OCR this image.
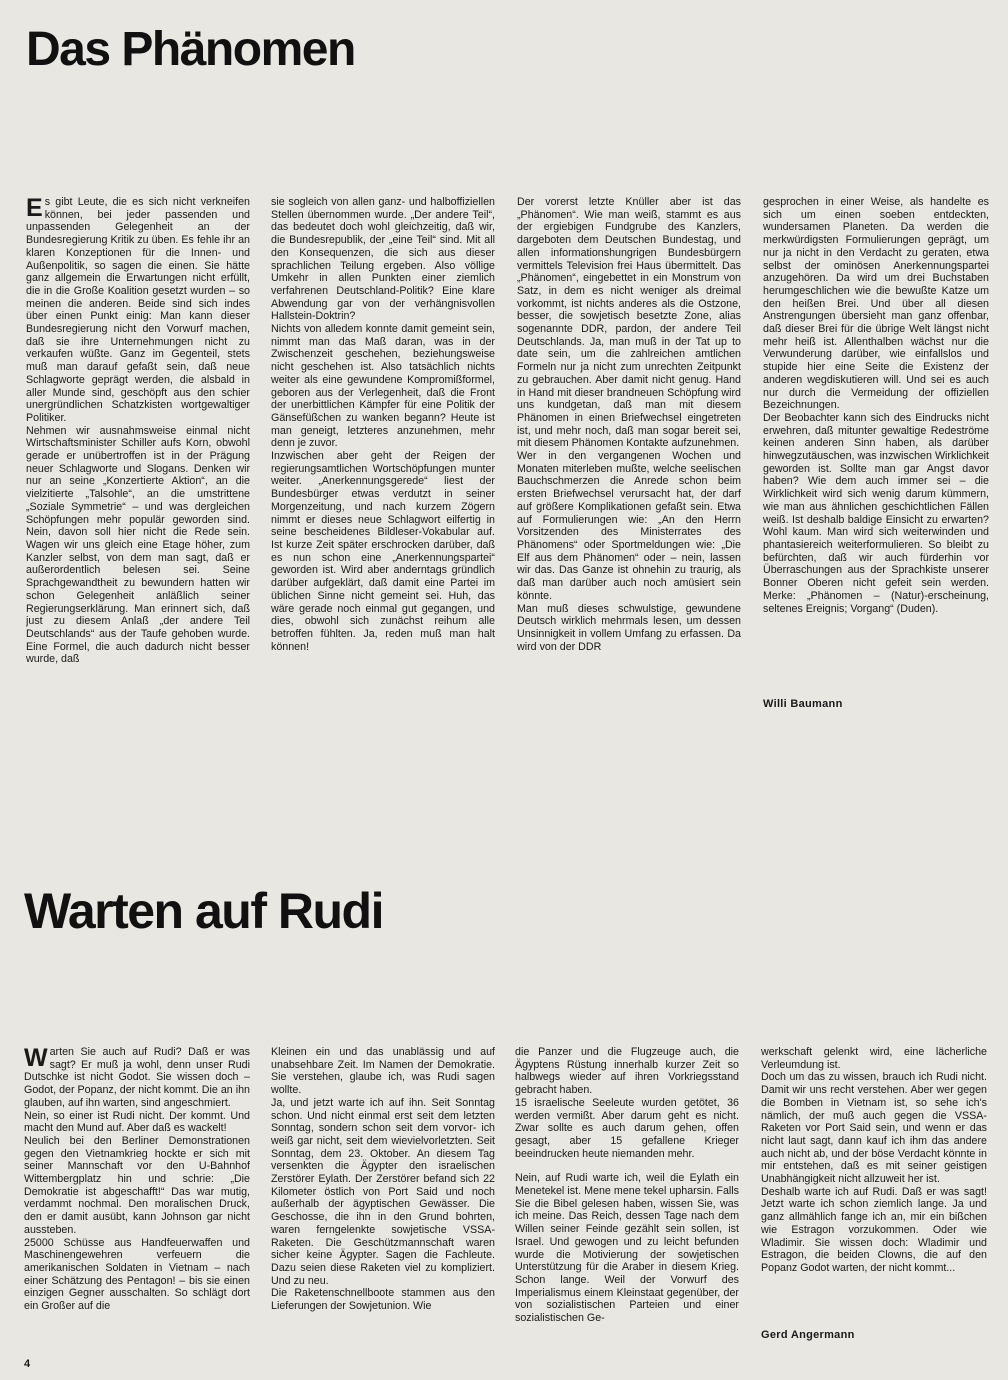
Das Phänomen

Es gibt Leute, die es sich nicht verkneifen können, bei jeder passenden und unpassenden Gelegenheit an der Bundesregierung Kritik zu üben. Es fehle ihr an klaren Konzeptionen für die Innen- und Außenpolitik, so sagen die einen. Sie hätte ganz allgemein die Erwartungen nicht erfüllt, die in die Große Koalition gesetzt wurden – so meinen die anderen. Beide sind sich indes über einen Punkt einig: Man kann dieser Bundesregierung nicht den Vorwurf machen, daß sie ihre Unternehmungen nicht zu verkaufen wüßte. Ganz im Gegenteil, stets muß man darauf gefaßt sein, daß neue Schlagworte geprägt werden, die alsbald in aller Munde sind, geschöpft aus den schier unergründlichen Schatzkisten wortgewaltiger Politiker.

Nehmen wir ausnahmsweise einmal nicht Wirtschaftsminister Schiller aufs Korn, obwohl gerade er unübertroffen ist in der Prägung neuer Schlagworte und Slogans. Denken wir nur an seine „Konzertierte Aktion“, an die vielzitierte „Talsohle“, an die umstrittene „Soziale Symmetrie“ – und was dergleichen Schöpfungen mehr populär geworden sind. Nein, davon soll hier nicht die Rede sein. Wagen wir uns gleich eine Etage höher, zum Kanzler selbst, von dem man sagt, daß er außerordentlich belesen sei. Seine Sprachgewandtheit zu bewundern hatten wir schon Gelegenheit anläßlich seiner Regierungserklärung. Man erinnert sich, daß just zu diesem Anlaß „der andere Teil Deutschlands“ aus der Taufe gehoben wurde. Eine Formel, die auch dadurch nicht besser wurde, daß

sie sogleich von allen ganz- und halboffiziellen Stellen übernommen wurde. „Der andere Teil“, das bedeutet doch wohl gleichzeitig, daß wir, die Bundesrepublik, der „eine Teil“ sind. Mit all den Konsequenzen, die sich aus dieser sprachlichen Teilung ergeben. Also völlige Umkehr in allen Punkten einer ziemlich verfahrenen Deutschland-Politik? Eine klare Abwendung gar von der verhängnisvollen Hallstein-Doktrin?

Nichts von alledem konnte damit gemeint sein, nimmt man das Maß daran, was in der Zwischenzeit geschehen, beziehungsweise nicht geschehen ist. Also tatsächlich nichts weiter als eine gewundene Kompromißformel, geboren aus der Verlegenheit, daß die Front der unerbittlichen Kämpfer für eine Politik der Gänsefüßchen zu wanken begann? Heute ist man geneigt, letzteres anzunehmen, mehr denn je zuvor.

Inzwischen aber geht der Reigen der regierungsamtlichen Wortschöpfungen munter weiter. „Anerkennungsgerede“ liest der Bundesbürger etwas verdutzt in seiner Morgenzeitung, und nach kurzem Zögern nimmt er dieses neue Schlagwort eilfertig in seine bescheidenes Bildleser-Vokabular auf. Ist kurze Zeit später erschrocken darüber, daß es nun schon eine „Anerkennungspartei“ geworden ist. Wird aber anderntags gründlich darüber aufgeklärt, daß damit eine Partei im üblichen Sinne nicht gemeint sei. Huh, das wäre gerade noch einmal gut gegangen, und dies, obwohl sich zunächst reihum alle betroffen fühlten. Ja, reden muß man halt können!

Der vorerst letzte Knüller aber ist das „Phänomen“. Wie man weiß, stammt es aus der ergiebigen Fundgrube des Kanzlers, dargeboten dem Deutschen Bundestag, und allen informationshungrigen Bundesbürgern vermittels Television frei Haus übermittelt. Das „Phänomen“, eingebettet in ein Monstrum von Satz, in dem es nicht weniger als dreimal vorkommt, ist nichts anderes als die Ostzone, besser, die sowjetisch besetzte Zone, alias sogenannte DDR, pardon, der andere Teil Deutschlands. Ja, man muß in der Tat up to date sein, um die zahlreichen amtlichen Formeln nur ja nicht zum unrechten Zeitpunkt zu gebrauchen. Aber damit nicht genug. Hand in Hand mit dieser brandneuen Schöpfung wird uns kundgetan, daß man mit diesem Phänomen in einen Briefwechsel eingetreten ist, und mehr noch, daß man sogar bereit sei, mit diesem Phänomen Kontakte aufzunehmen.

Wer in den vergangenen Wochen und Monaten miterleben mußte, welche seelischen Bauchschmerzen die Anrede schon beim ersten Briefwechsel verursacht hat, der darf auf größere Komplikationen gefaßt sein. Etwa auf Formulierungen wie: „An den Herrn Vorsitzenden des Ministerrates des Phänomens“ oder Sportmeldungen wie: „Die Elf aus dem Phänomen“ oder – nein, lassen wir das. Das Ganze ist ohnehin zu traurig, als daß man darüber auch noch amüsiert sein könnte.

Man muß dieses schwulstige, gewundene Deutsch wirklich mehrmals lesen, um dessen Unsinnigkeit in vollem Umfang zu erfassen. Da wird von der DDR

gesprochen in einer Weise, als handelte es sich um einen soeben entdeckten, wundersamen Planeten. Da werden die merkwürdigsten Formulierungen geprägt, um nur ja nicht in den Verdacht zu geraten, etwa selbst der ominösen Anerkennungspartei anzugehören. Da wird um drei Buchstaben herumgeschlichen wie die bewußte Katze um den heißen Brei. Und über all diesen Anstrengungen übersieht man ganz offenbar, daß dieser Brei für die übrige Welt längst nicht mehr heiß ist. Allenthalben wächst nur die Verwunderung darüber, wie einfallslos und stupide hier eine Seite die Existenz der anderen wegdiskutieren will. Und sei es auch nur durch die Vermeidung der offiziellen Bezeichnungen.

Der Beobachter kann sich des Eindrucks nicht erwehren, daß mitunter gewaltige Redeströme keinen anderen Sinn haben, als darüber hinwegzutäuschen, was inzwischen Wirklichkeit geworden ist. Sollte man gar Angst davor haben? Wie dem auch immer sei – die Wirklichkeit wird sich wenig darum kümmern, wie man aus ähnlichen geschichtlichen Fällen weiß. Ist deshalb baldige Einsicht zu erwarten? Wohl kaum. Man wird sich weiterwinden und phantasiereich weiterformulieren. So bleibt zu befürchten, daß wir auch fürderhin vor Überraschungen aus der Sprachkiste unserer Bonner Oberen nicht gefeit sein werden. Merke: „Phänomen – (Natur)-erscheinung, seltenes Ereignis; Vorgang“ (Duden).

Willi Baumann
Warten auf Rudi

Warten Sie auch auf Rudi? Daß er was sagt? Er muß ja wohl, denn unser Rudi Dutschke ist nicht Godot. Sie wissen doch – Godot, der Popanz, der nicht kommt. Die an ihn glauben, auf ihn warten, sind angeschmiert.

Nein, so einer ist Rudi nicht. Der kommt. Und macht den Mund auf. Aber daß es wackelt!

Neulich bei den Berliner Demonstrationen gegen den Vietnamkrieg hockte er sich mit seiner Mannschaft vor den U-Bahnhof Wittembergplatz hin und schrie: „Die Demokratie ist abgeschafft!“ Das war mutig, verdammt nochmal. Den moralischen Druck, den er damit ausübt, kann Johnson gar nicht aussteben.

25000 Schüsse aus Handfeuerwaffen und Maschinengewehren verfeuern die amerikanischen Soldaten in Vietnam – nach einer Schätzung des Pentagon! – bis sie einen einzigen Gegner ausschalten. So schlägt dort ein Großer auf die

Kleinen ein und das unablässig und auf unabsehbare Zeit. Im Namen der Demokratie. Sie verstehen, glaube ich, was Rudi sagen wollte.

Ja, und jetzt warte ich auf ihn. Seit Sonntag schon. Und nicht einmal erst seit dem letzten Sonntag, sondern schon seit dem vorvor- ich weiß gar nicht, seit dem wievielvorletzten. Seit Sonntag, dem 23. Oktober. An diesem Tag versenkten die Ägypter den israelischen Zerstörer Eylath. Der Zerstörer befand sich 22 Kilometer östlich von Port Said und noch außerhalb der ägyptischen Gewässer. Die Geschosse, die ihn in den Grund bohrten, waren ferngelenkte sowjetische VSSA-Raketen. Die Geschützmannschaft waren sicher keine Ägypter. Sagen die Fachleute. Dazu seien diese Raketen viel zu kompliziert. Und zu neu.

Die Raketenschnellboote stammen aus den Lieferungen der Sowjetunion. Wie

die Panzer und die Flugzeuge auch, die Ägyptens Rüstung innerhalb kurzer Zeit so halbwegs wieder auf ihren Vorkriegsstand gebracht haben.

15 israelische Seeleute wurden getötet, 36 werden vermißt. Aber darum geht es nicht. Zwar sollte es auch darum gehen, offen gesagt, aber 15 gefallene Krieger beeindrucken heute niemanden mehr.

Nein, auf Rudi warte ich, weil die Eylath ein Menetekel ist. Mene mene tekel upharsin. Falls Sie die Bibel gelesen haben, wissen Sie, was ich meine. Das Reich, dessen Tage nach dem Willen seiner Feinde gezählt sein sollen, ist Israel. Und gewogen und zu leicht befunden wurde die Motivierung der sowjetischen Unterstützung für die Araber in diesem Krieg. Schon lange. Weil der Vorwurf des Imperialismus einem Kleinstaat gegenüber, der von sozialistischen Parteien und einer sozialistischen Ge-

werkschaft gelenkt wird, eine lächerliche Verleumdung ist.

Doch um das zu wissen, brauch ich Rudi nicht. Damit wir uns recht verstehen. Aber wer gegen die Bomben in Vietnam ist, so sehe ich's nämlich, der muß auch gegen die VSSA-Raketen vor Port Said sein, und wenn er das nicht laut sagt, dann kauf ich ihm das andere auch nicht ab, und der böse Verdacht könnte in mir entstehen, daß es mit seiner geistigen Unabhängigkeit nicht allzuweit her ist.

Deshalb warte ich auf Rudi. Daß er was sagt! Jetzt warte ich schon ziemlich lange. Ja und ganz allmählich fange ich an, mir ein bißchen wie Estragon vorzukommen. Oder wie Wladimir. Sie wissen doch: Wladimir und Estragon, die beiden Clowns, die auf den Popanz Godot warten, der nicht kommt...

Gerd Angermann
4
